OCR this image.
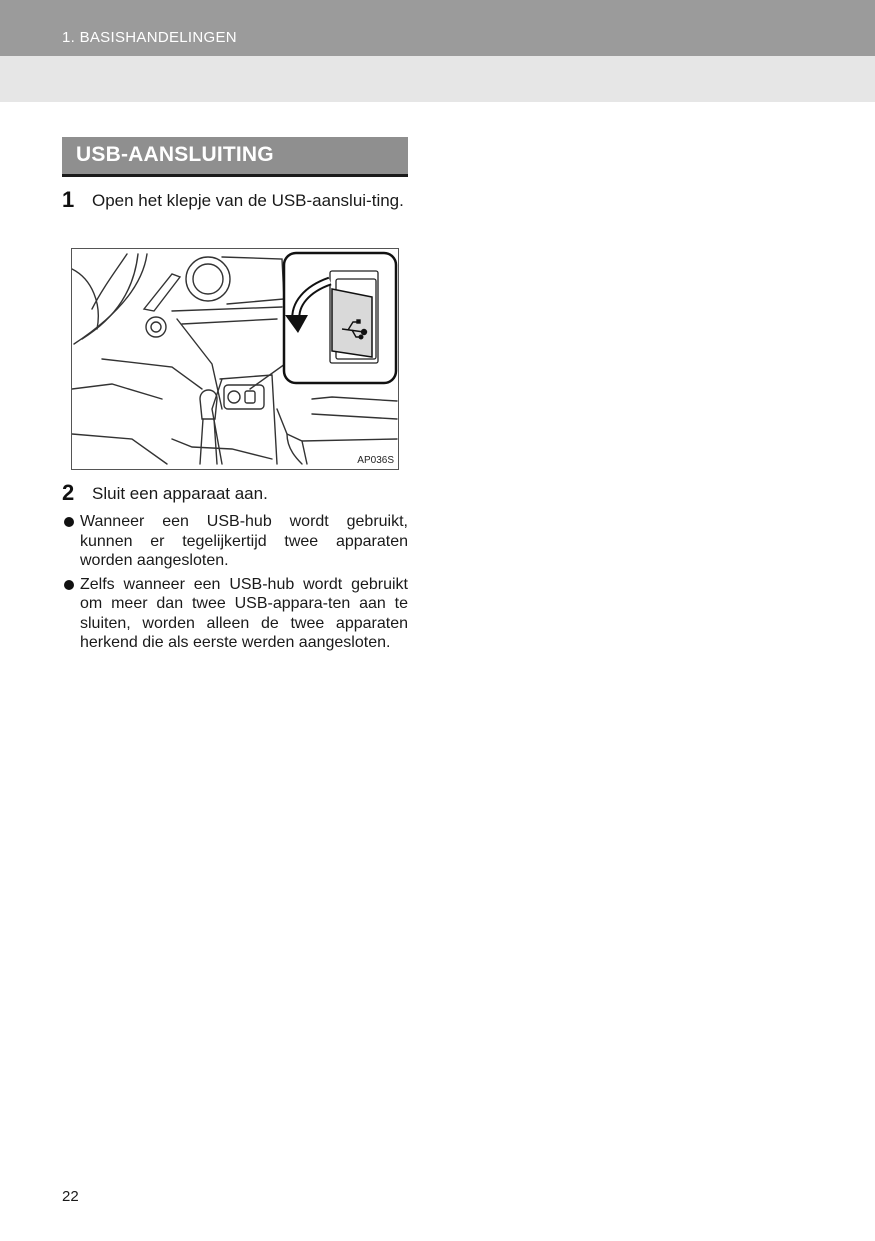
1. BASISHANDELINGEN
USB-AANSLUITING
1 Open het klepje van de USB-aanslui-ting.
AP036S
2 Sluit een apparaat aan.
Wanneer een USB-hub wordt gebruikt, kunnen er tegelijkertijd twee apparaten worden aangesloten.
Zelfs wanneer een USB-hub wordt gebruikt om meer dan twee USB-appara-ten aan te sluiten, worden alleen de twee apparaten herkend die als eerste werden aangesloten.
22
